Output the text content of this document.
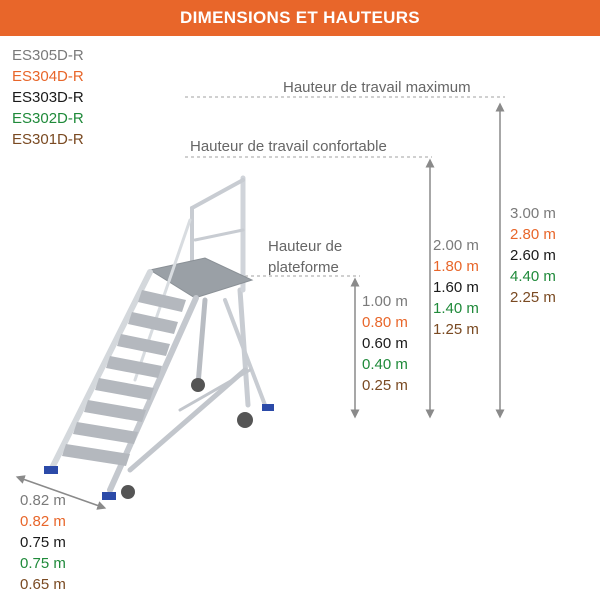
DIMENSIONS ET HAUTEURS
ES305D-R
ES304D-R
ES303D-R
ES302D-R
ES301D-R
Hauteur de travail maximum
Hauteur de travail confortable
Hauteur de
plateforme
3.00 m
2.80 m
2.60 m
4.40 m
2.25 m
2.00 m
1.80 m
1.60 m
1.40 m
1.25 m
1.00 m
0.80 m
0.60 m
0.40 m
0.25 m
0.82 m
0.82 m
0.75 m
0.75 m
0.65 m
